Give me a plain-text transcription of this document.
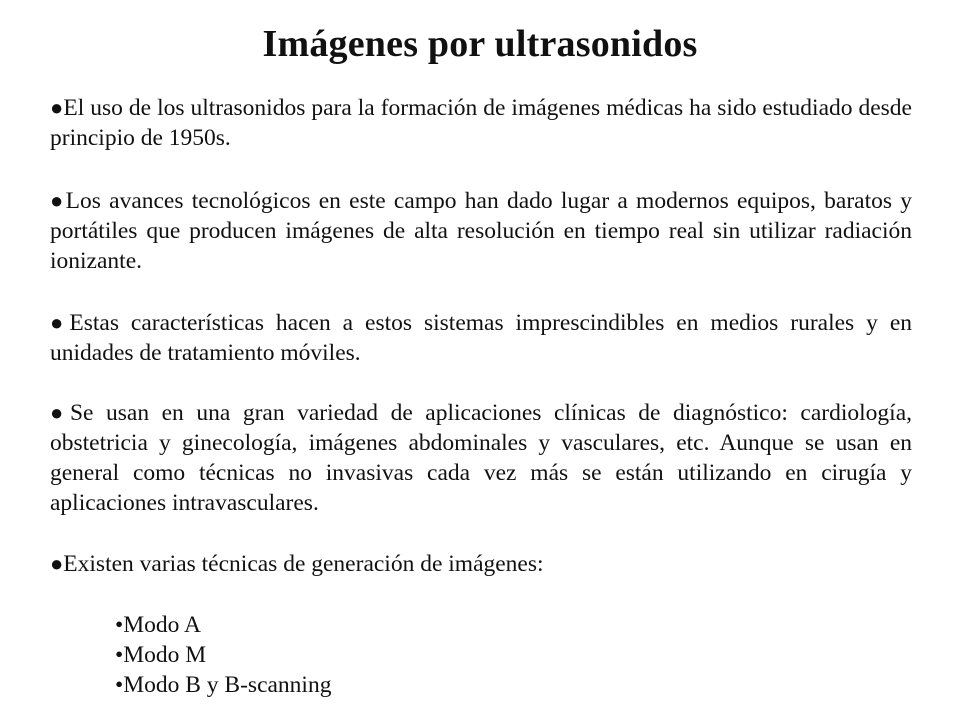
Imágenes por ultrasonidos

●El uso de los ultrasonidos para la formación de imágenes médicas ha sido estudiado desde principio de 1950s.

●Los avances tecnológicos en este campo han dado lugar a modernos equipos, baratos y portátiles que producen imágenes de alta resolución en tiempo real sin utilizar radiación ionizante.

●Estas características hacen a estos sistemas imprescindibles en medios rurales y en unidades de tratamiento móviles.

●Se usan en una gran variedad de aplicaciones clínicas de diagnóstico: cardiología, obstetricia y ginecología, imágenes abdominales y vasculares, etc. Aunque se usan en general como técnicas no invasivas cada vez más se están utilizando en cirugía y aplicaciones intravasculares.

●Existen varias técnicas de generación de imágenes:

•Modo A
•Modo M
•Modo B y B-scanning
